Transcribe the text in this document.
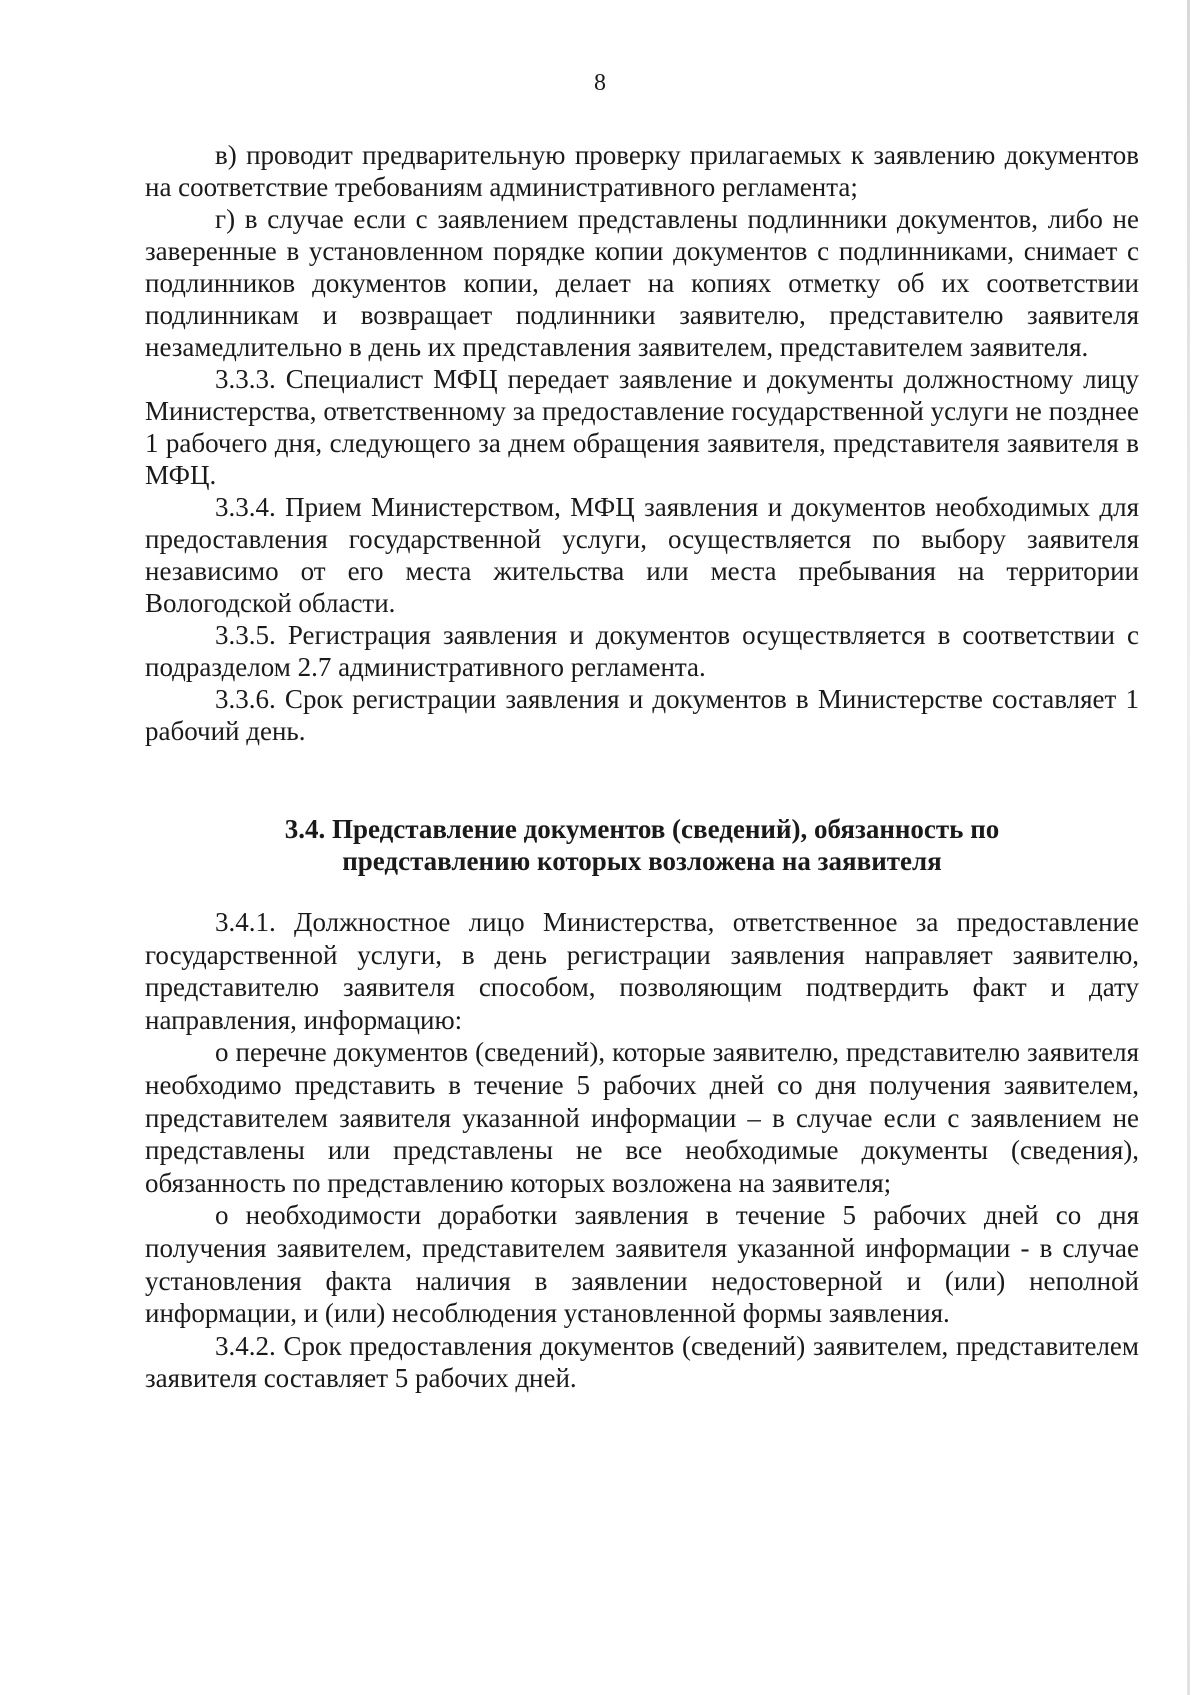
8

в) проводит предварительную проверку прилагаемых к заявлению документов на соответствие требованиям административного регламента;

г) в случае если с заявлением представлены подлинники документов, либо не заверенные в установленном порядке копии документов с подлинниками, снимает с подлинников документов копии, делает на копиях отметку об их соответствии подлинникам и возвращает подлинники заявителю, представителю заявителя незамедлительно в день их представления заявителем, представителем заявителя.

3.3.3. Специалист МФЦ передает заявление и документы должностному лицу Министерства, ответственному за предоставление государственной услуги не позднее 1 рабочего дня, следующего за днем обращения заявителя, представителя заявителя в МФЦ.

3.3.4. Прием Министерством, МФЦ заявления и документов необходимых для предоставления государственной услуги, осуществляется по выбору заявителя независимо от его места жительства или места пребывания на территории Вологодской области.

3.3.5. Регистрация заявления и документов осуществляется в соответствии с подразделом 2.7 административного регламента.

3.3.6. Срок регистрации заявления и документов в Министерстве составляет 1 рабочий день.

3.4. Представление документов (сведений), обязанность по
представлению которых возложена на заявителя

3.4.1. Должностное лицо Министерства, ответственное за предоставление государственной услуги, в день регистрации заявления направляет заявителю, представителю заявителя способом, позволяющим подтвердить факт и дату направления, информацию:

о перечне документов (сведений), которые заявителю, представителю заявителя необходимо представить в течение 5 рабочих дней со дня получения заявителем, представителем заявителя указанной информации – в случае если с заявлением не представлены или представлены не все необходимые документы (сведения), обязанность по представлению которых возложена на заявителя;

о необходимости доработки заявления в течение 5 рабочих дней со дня получения заявителем, представителем заявителя указанной информации - в случае установления факта наличия в заявлении недостоверной и (или) неполной информации, и (или) несоблюдения установленной формы заявления.

3.4.2. Срок предоставления документов (сведений) заявителем, представителем заявителя составляет 5 рабочих дней.
